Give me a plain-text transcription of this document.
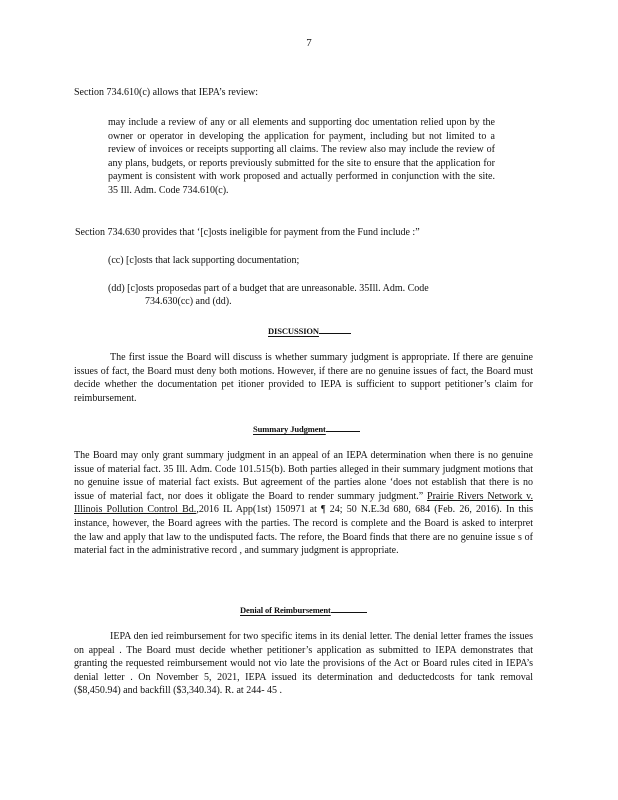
7
Section 734.610(c) allows that IEPA’s review:
may include a review of any or all elements and supporting doc umentation relied upon by the owner or operator in developing the application for payment, including but not limited to a review of invoices or receipts supporting all claims. The review also may include the review of any plans, budgets, or reports previously submitted for the site to ensure that the application for payment is consistent with work proposed and actually performed in conjunction with the site. 35 Ill. Adm. Code 734.610(c).
Section 734.630 provides that ‘[c]osts ineligible for payment from the Fund include :”
(cc) [c]osts that lack supporting documentation;
(dd) [c]osts proposedas part of a budget that are unreasonable. 35Ill. Adm. Code
734.630(cc) and (dd).
DISCUSSION
The first issue the Board will discuss is whether summary judgment is appropriate. If there are genuine issues of fact, the Board must deny both motions. However, if there are no genuine issues of fact, the Board must decide whether the documentation pet itioner provided to IEPA is sufficient to support petitioner’s claim for reimbursement.
Summary Judgment
The Board may only grant summary judgment in an appeal of an IEPA determination when there is no genuine issue of material fact. 35 Ill. Adm. Code 101.515(b). Both parties alleged in their summary judgment motions that no genuine issue of material fact exists. But agreement of the parties alone ‘does not establish that there is no issue of material fact, nor does it obligate the Board to render summary judgment.” Prairie Rivers Network v. Illinois Pollution Control Bd.,2016 IL App(1st) 150971 at ¶ 24; 50 N.E.3d 680, 684 (Feb. 26, 2016). In this instance, however, the Board agrees with the parties. The record is complete and the Board is asked to interpret the law and apply that law to the undisputed facts. The refore, the Board finds that there are no genuine issue s of material fact in the administrative record , and summary judgment is appropriate.
Denial of Reimbursement
IEPA den ied reimbursement for two specific items in its denial letter. The denial letter frames the issues on appeal . The Board must decide whether petitioner’s application as submitted to IEPA demonstrates that granting the requested reimbursement would not vio late the provisions of the Act or Board rules cited in IEPA’s denial letter . On November 5, 2021, IEPA issued its determination and deductedcosts for tank removal ($8,450.94) and backfill ($3,340.34). R. at 244- 45 .
